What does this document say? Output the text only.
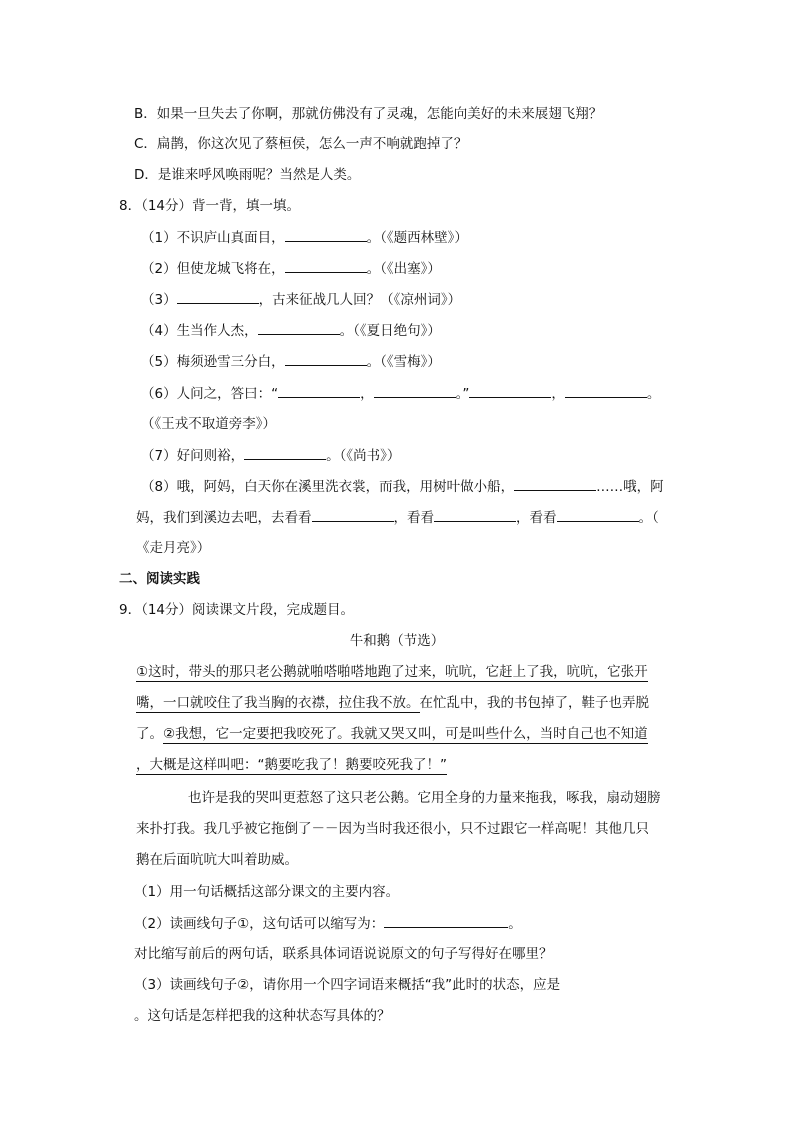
B．如果一旦失去了你啊，那就仿佛没有了灵魂，怎能向美好的未来展翅飞翔？
C．扁鹊，你这次见了蔡桓侯，怎么一声不响就跑掉了？
D．是谁来呼风唤雨呢？当然是人类。
8．（14分）背一背，填一填。
（1）不识庐山真面目，	。（《题西林壁》）
（2）但使龙城飞将在，	。（《出塞》）
（3）	，古来征战几人回？（《凉州词》）
（4）生当作人杰，	。（《夏日绝句》）
（5）梅须逊雪三分白，	。（《雪梅》）
（6）人问之，答曰：“	，	。”	，	。
（《王戎不取道旁李》）
（7）好问则裕，	。（《尚书》）
（8）哦，阿妈，白天你在溪里洗衣裳，而我，用树叶做小船，	……哦，阿
妈，我们到溪边去吧，去看看	，看看	，看看	。（
《走月亮》）
二、阅读实践
9．（14分）阅读课文片段，完成题目。
牛和鹅（节选）
①这时，带头的那只老公鹅就啪嗒啪嗒地跑了过来，吭吭，它赶上了我，吭吭，它张开
嘴，一口就咬住了我当胸的衣襟，拉住我不放。在忙乱中，我的书包掉了，鞋子也弄脱
了。②我想，它一定要把我咬死了。我就又哭又叫，可是叫些什么，当时自己也不知道
，大概是这样叫吧：“鹅要吃我了！鹅要咬死我了！”
也许是我的哭叫更惹怒了这只老公鹅。它用全身的力量来拖我，啄我，扇动翅膀
来扑打我。我几乎被它拖倒了－－因为当时我还很小，只不过跟它一样高呢！其他几只
鹅在后面吭吭大叫着助威。
（1）用一句话概括这部分课文的主要内容。
（2）读画线句子①，这句话可以缩写为：	。
对比缩写前后的两句话，联系具体词语说说原文的句子写得好在哪里？
（3）读画线句子②，请你用一个四字词语来概括“我”此时的状态，应是
。这句话是怎样把我的这种状态写具体的？
